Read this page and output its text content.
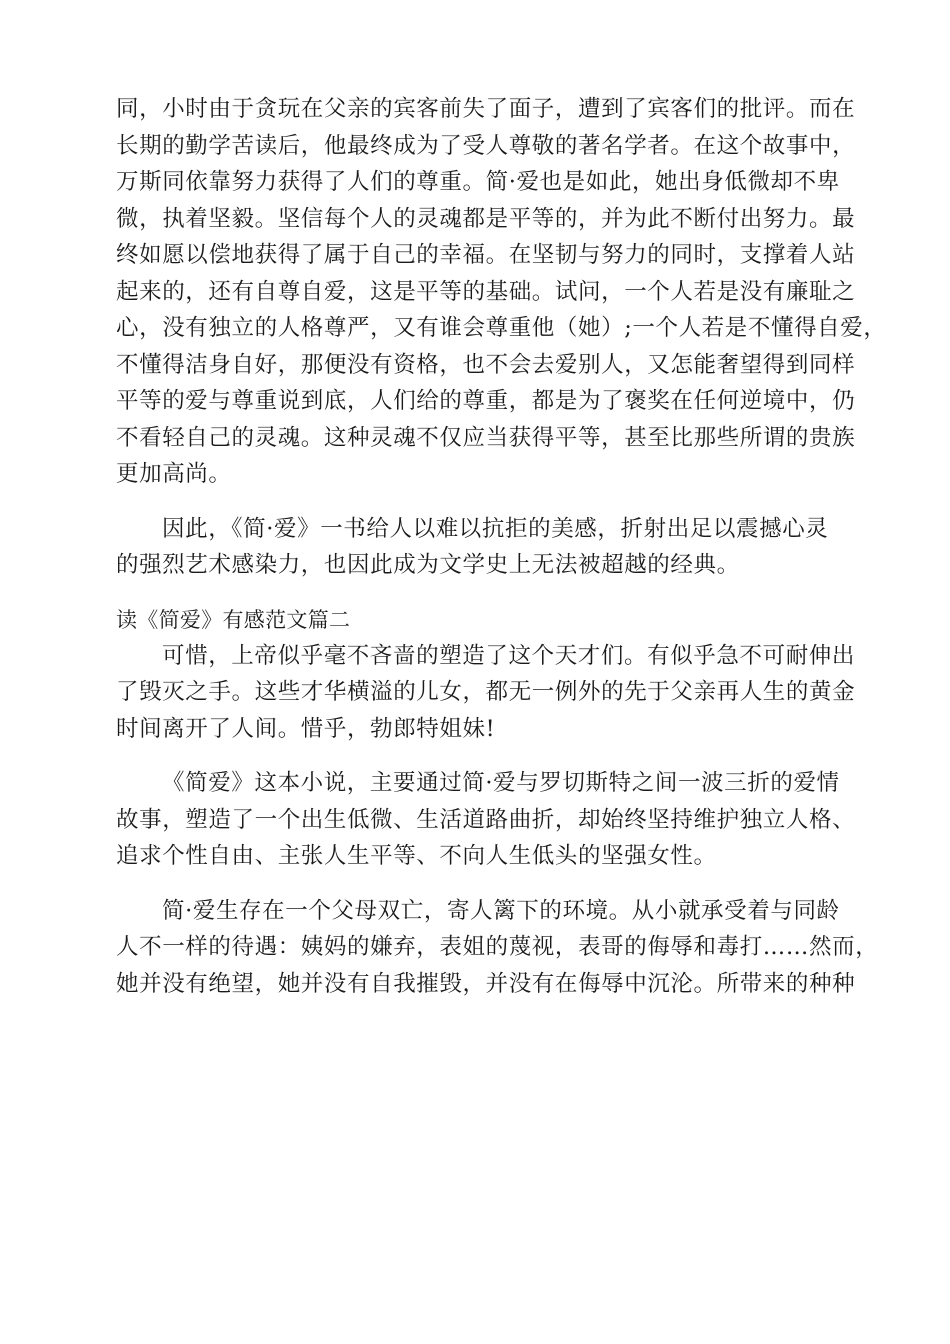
同，小时由于贪玩在父亲的宾客前失了面子，遭到了宾客们的批评。而在
长期的勤学苦读后，他最终成为了受人尊敬的著名学者。在这个故事中，
万斯同依靠努力获得了人们的尊重。简·爱也是如此，她出身低微却不卑
微，执着坚毅。坚信每个人的灵魂都是平等的，并为此不断付出努力。最
终如愿以偿地获得了属于自己的幸福。在坚韧与努力的同时，支撑着人站
起来的，还有自尊自爱，这是平等的基础。试问，一个人若是没有廉耻之
心，没有独立的人格尊严，又有谁会尊重他（她）;一个人若是不懂得自爱，
不懂得洁身自好，那便没有资格，也不会去爱别人，又怎能奢望得到同样
平等的爱与尊重说到底，人们给的尊重，都是为了褒奖在任何逆境中，仍
不看轻自己的灵魂。这种灵魂不仅应当获得平等，甚至比那些所谓的贵族
更加高尚。
因此，《简·爱》一书给人以难以抗拒的美感，折射出足以震撼心灵
的强烈艺术感染力，也因此成为文学史上无法被超越的经典。
读《简爱》有感范文篇二
可惜，上帝似乎毫不吝啬的塑造了这个天才们。有似乎急不可耐伸出
了毁灭之手。这些才华横溢的儿女，都无一例外的先于父亲再人生的黄金
时间离开了人间。惜乎，勃郎特姐妹!
《简爱》这本小说，主要通过简·爱与罗切斯特之间一波三折的爱情
故事，塑造了一个出生低微、生活道路曲折，却始终坚持维护独立人格、
追求个性自由、主张人生平等、不向人生低头的坚强女性。
简·爱生存在一个父母双亡，寄人篱下的环境。从小就承受着与同龄
人不一样的待遇：姨妈的嫌弃，表姐的蔑视，表哥的侮辱和毒打……然而，
她并没有绝望，她并没有自我摧毁，并没有在侮辱中沉沦。所带来的种种
